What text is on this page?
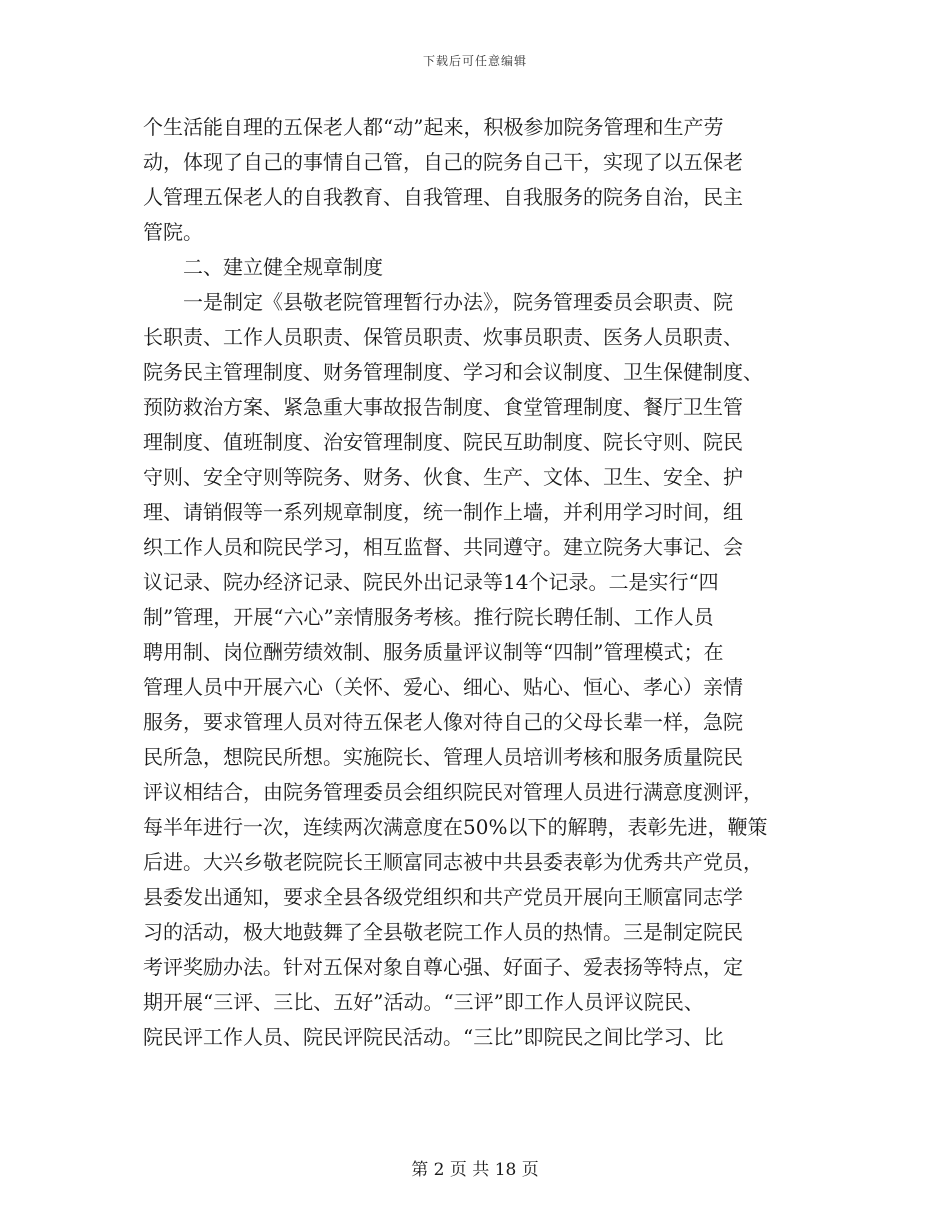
下载后可任意编辑
个生活能自理的五保老人都“动”起来，积极参加院务管理和生产劳
动，体现了自己的事情自己管，自己的院务自己干，实现了以五保老
人管理五保老人的自我教育、自我管理、自我服务的院务自治，民主
管院。
　　二、建立健全规章制度
　　一是制定《县敬老院管理暂行办法》，院务管理委员会职责、院
长职责、工作人员职责、保管员职责、炊事员职责、医务人员职责、
院务民主管理制度、财务管理制度、学习和会议制度、卫生保健制度、
预防救治方案、紧急重大事故报告制度、食堂管理制度、餐厅卫生管
理制度、值班制度、治安管理制度、院民互助制度、院长守则、院民
守则、安全守则等院务、财务、伙食、生产、文体、卫生、安全、护
理、请销假等一系列规章制度，统一制作上墙，并利用学习时间，组
织工作人员和院民学习，相互监督、共同遵守。建立院务大事记、会
议记录、院办经济记录、院民外出记录等14个记录。二是实行“四
制”管理，开展“六心”亲情服务考核。推行院长聘任制、工作人员
聘用制、岗位酬劳绩效制、服务质量评议制等“四制”管理模式；在
管理人员中开展六心（关怀、爱心、细心、贴心、恒心、孝心）亲情
服务，要求管理人员对待五保老人像对待自己的父母长辈一样，急院
民所急，想院民所想。实施院长、管理人员培训考核和服务质量院民
评议相结合，由院务管理委员会组织院民对管理人员进行满意度测评，
每半年进行一次，连续两次满意度在50%以下的解聘，表彰先进，鞭策
后进。大兴乡敬老院院长王顺富同志被中共县委表彰为优秀共产党员，
县委发出通知，要求全县各级党组织和共产党员开展向王顺富同志学
习的活动，极大地鼓舞了全县敬老院工作人员的热情。三是制定院民
考评奖励办法。针对五保对象自尊心强、好面子、爱表扬等特点，定
期开展“三评、三比、五好”活动。“三评”即工作人员评议院民、
院民评工作人员、院民评院民活动。“三比”即院民之间比学习、比
第 2 页 共 18 页
